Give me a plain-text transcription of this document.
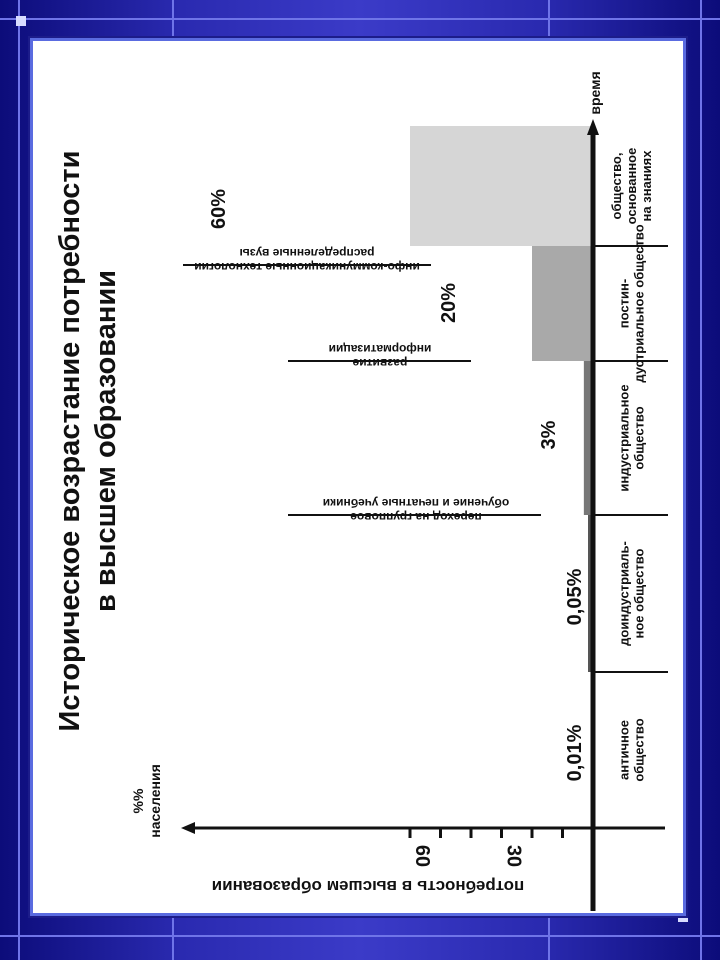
Историческое возрастание потребности в высшем образовании
античное общество
доиндустриаль- ное общество
индустриальное общество
постин- дустриальное общество
общество, основанное на знаниях
время
30
60
%% населения
потребность в высшем образовании
0,01%
0,05%
3%
20%
60%
переход на групповое
обучение и печатные учебники
развитие
информатизации
инфо-коммуникационные технологии
распределенные вузы
